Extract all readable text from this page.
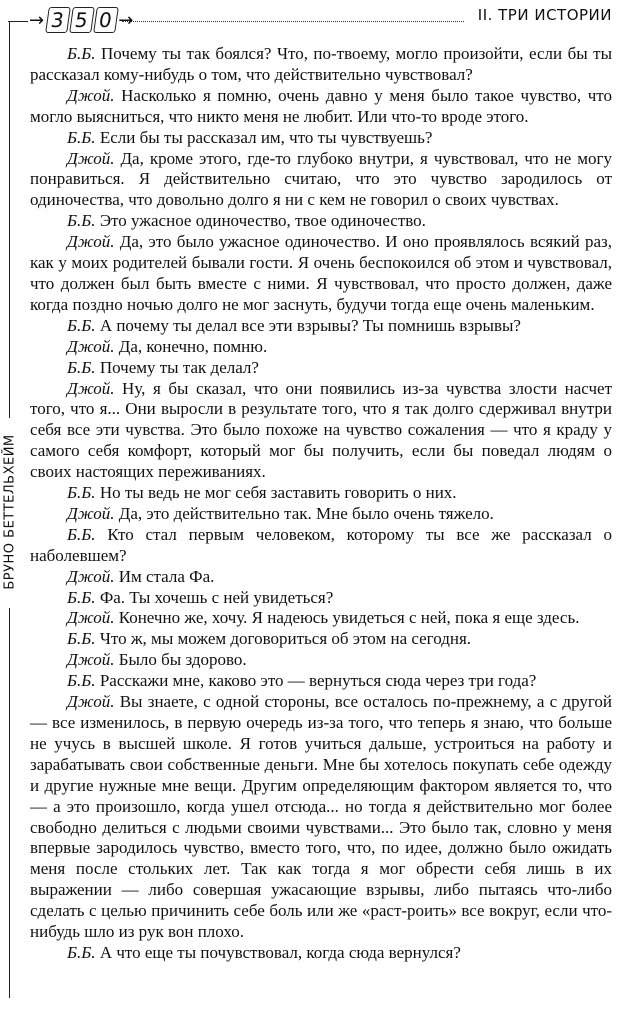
→ 3 5 0 →	II. ТРИ ИСТОРИИ
БРУНО БЕТТЕЛЬХЕЙМ

Б.Б. Почему ты так боялся? Что, по-твоему, могло произойти, если бы ты рассказал кому-нибудь о том, что действительно чувствовал?

Джой. Насколько я помню, очень давно у меня было такое чувство, что могло выясниться, что никто меня не любит. Или что-то вроде этого.

Б.Б. Если бы ты рассказал им, что ты чувствуешь?

Джой. Да, кроме этого, где-то глубоко внутри, я чувствовал, что не могу понравиться. Я действительно считаю, что это чувство зародилось от одиночества, что довольно долго я ни с кем не говорил о своих чувствах.

Б.Б. Это ужасное одиночество, твое одиночество.

Джой. Да, это было ужасное одиночество. И оно проявлялось всякий раз, как у моих родителей бывали гости. Я очень беспокоился об этом и чувствовал, что должен был быть вместе с ними. Я чувствовал, что просто должен, даже когда поздно ночью долго не мог заснуть, будучи тогда еще очень маленьким.

Б.Б. А почему ты делал все эти взрывы? Ты помнишь взрывы?

Джой. Да, конечно, помню.

Б.Б. Почему ты так делал?

Джой. Ну, я бы сказал, что они появились из-за чувства злости насчет того, что я... Они выросли в результате того, что я так долго сдерживал внутри себя все эти чувства. Это было похоже на чувство сожаления — что я краду у самого себя комфорт, который мог бы получить, если бы поведал людям о своих настоящих переживаниях.

Б.Б. Но ты ведь не мог себя заставить говорить о них.

Джой. Да, это действительно так. Мне было очень тяжело.

Б.Б. Кто стал первым человеком, которому ты все же рассказал о наболевшем?

Джой. Им стала Фа.

Б.Б. Фа. Ты хочешь с ней увидеться?

Джой. Конечно же, хочу. Я надеюсь увидеться с ней, пока я еще здесь.

Б.Б. Что ж, мы можем договориться об этом на сегодня.

Джой. Было бы здорово.

Б.Б. Расскажи мне, каково это — вернуться сюда через три года?

Джой. Вы знаете, с одной стороны, все осталось по-прежнему, а с другой — все изменилось, в первую очередь из-за того, что теперь я знаю, что больше не учусь в высшей школе. Я готов учиться дальше, устроиться на работу и зарабатывать свои собственные деньги. Мне бы хотелось покупать себе одежду и другие нужные мне вещи. Другим определяющим фактором является то, что — а это произошло, когда ушел отсюда... но тогда я действительно мог более свободно делиться с людьми своими чувствами... Это было так, словно у меня впервые зародилось чувство, вместо того, что, по идее, должно было ожидать меня после стольких лет. Так как тогда я мог обрести себя лишь в их выражении — либо совершая ужасающие взрывы, либо пытаясь что-либо сделать с целью причинить себе боль или же «раст-роить» все вокруг, если что-нибудь шло из рук вон плохо.

Б.Б. А что еще ты почувствовал, когда сюда вернулся?
